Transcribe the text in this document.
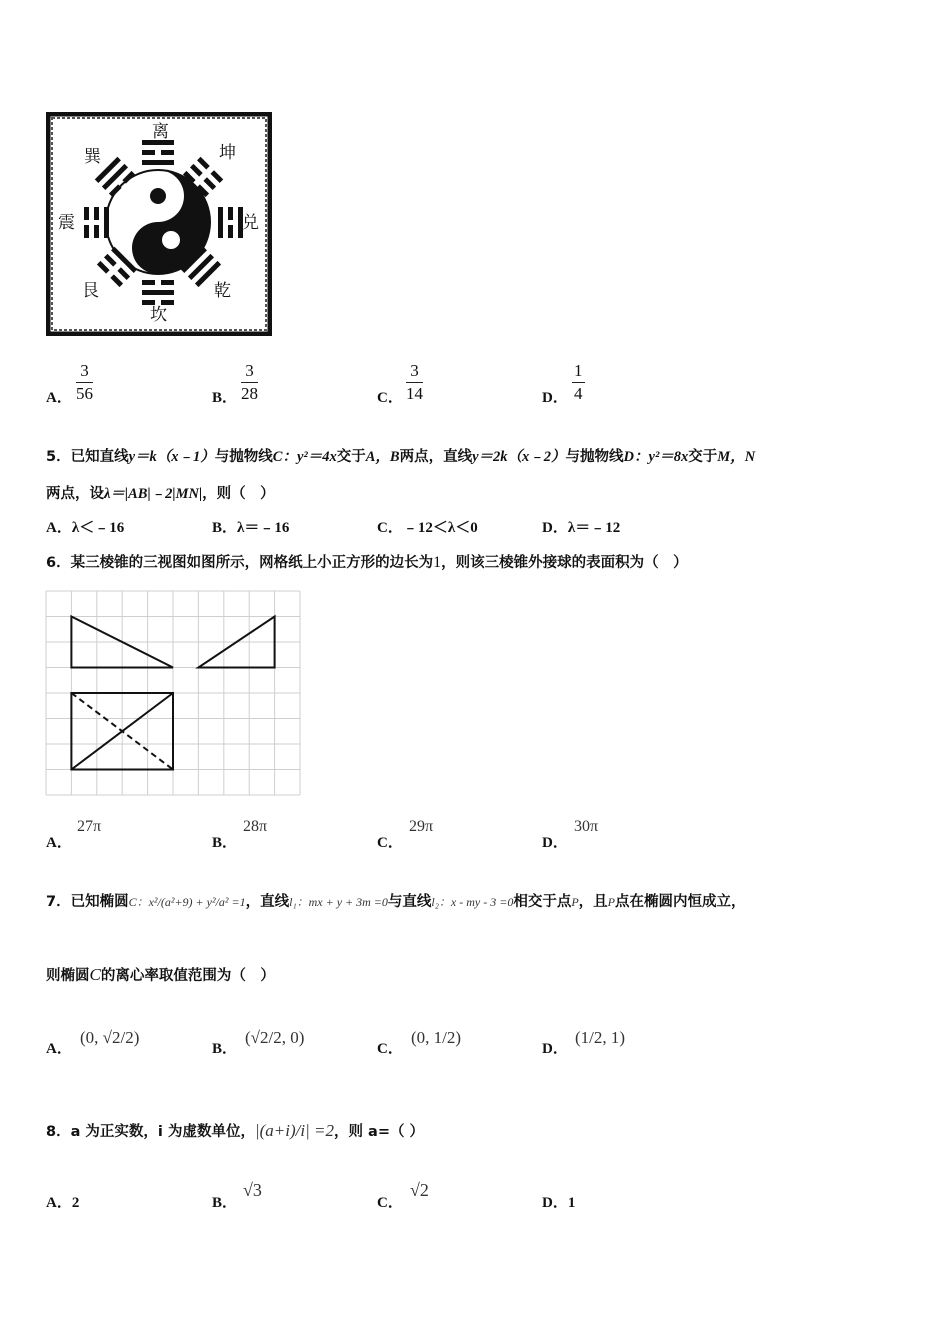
离
坤
兑
乾
坎
艮
震
巽
A． $\frac{3}{56}$	B． $\frac{3}{28}$	C． $\frac{3}{14}$	D． $\frac{1}{4}$
5．已知直线y＝k（x﹣1）与抛物线C：y²＝4x交于A，B两点，直线y＝2k（x﹣2）与抛物线D：y²＝8x交于M，N
两点，设λ＝|AB|﹣2|MN|，则（　）
A．λ＜﹣16	B．λ＝﹣16	C．﹣12＜λ＜0	D．λ＝﹣12
6．某三棱锥的三视图如图所示，网格纸上小正方形的边长为1，则该三棱锥外接球的表面积为（　）
A．
27π
B．
28π
C．
29π
D．
30π
7．已知椭圆C：x²/(a²+9) + y²/a² =1，直线l₁：mx + y + 3m =0与直线l₂：x - my - 3 =0相交于点P，且P点在椭圆内恒成立，
则椭圆C的离心率取值范围为（　）
A．
(0, √2/2)
B．
(√2/2, 0)
C．
(0, 1/2)
D．
(1/2, 1)
8．a 为正实数，i 为虚数单位，|(a+i)/i| =2，则 a=（ ）
A．2	B．
√3
C．
√2
D．1
